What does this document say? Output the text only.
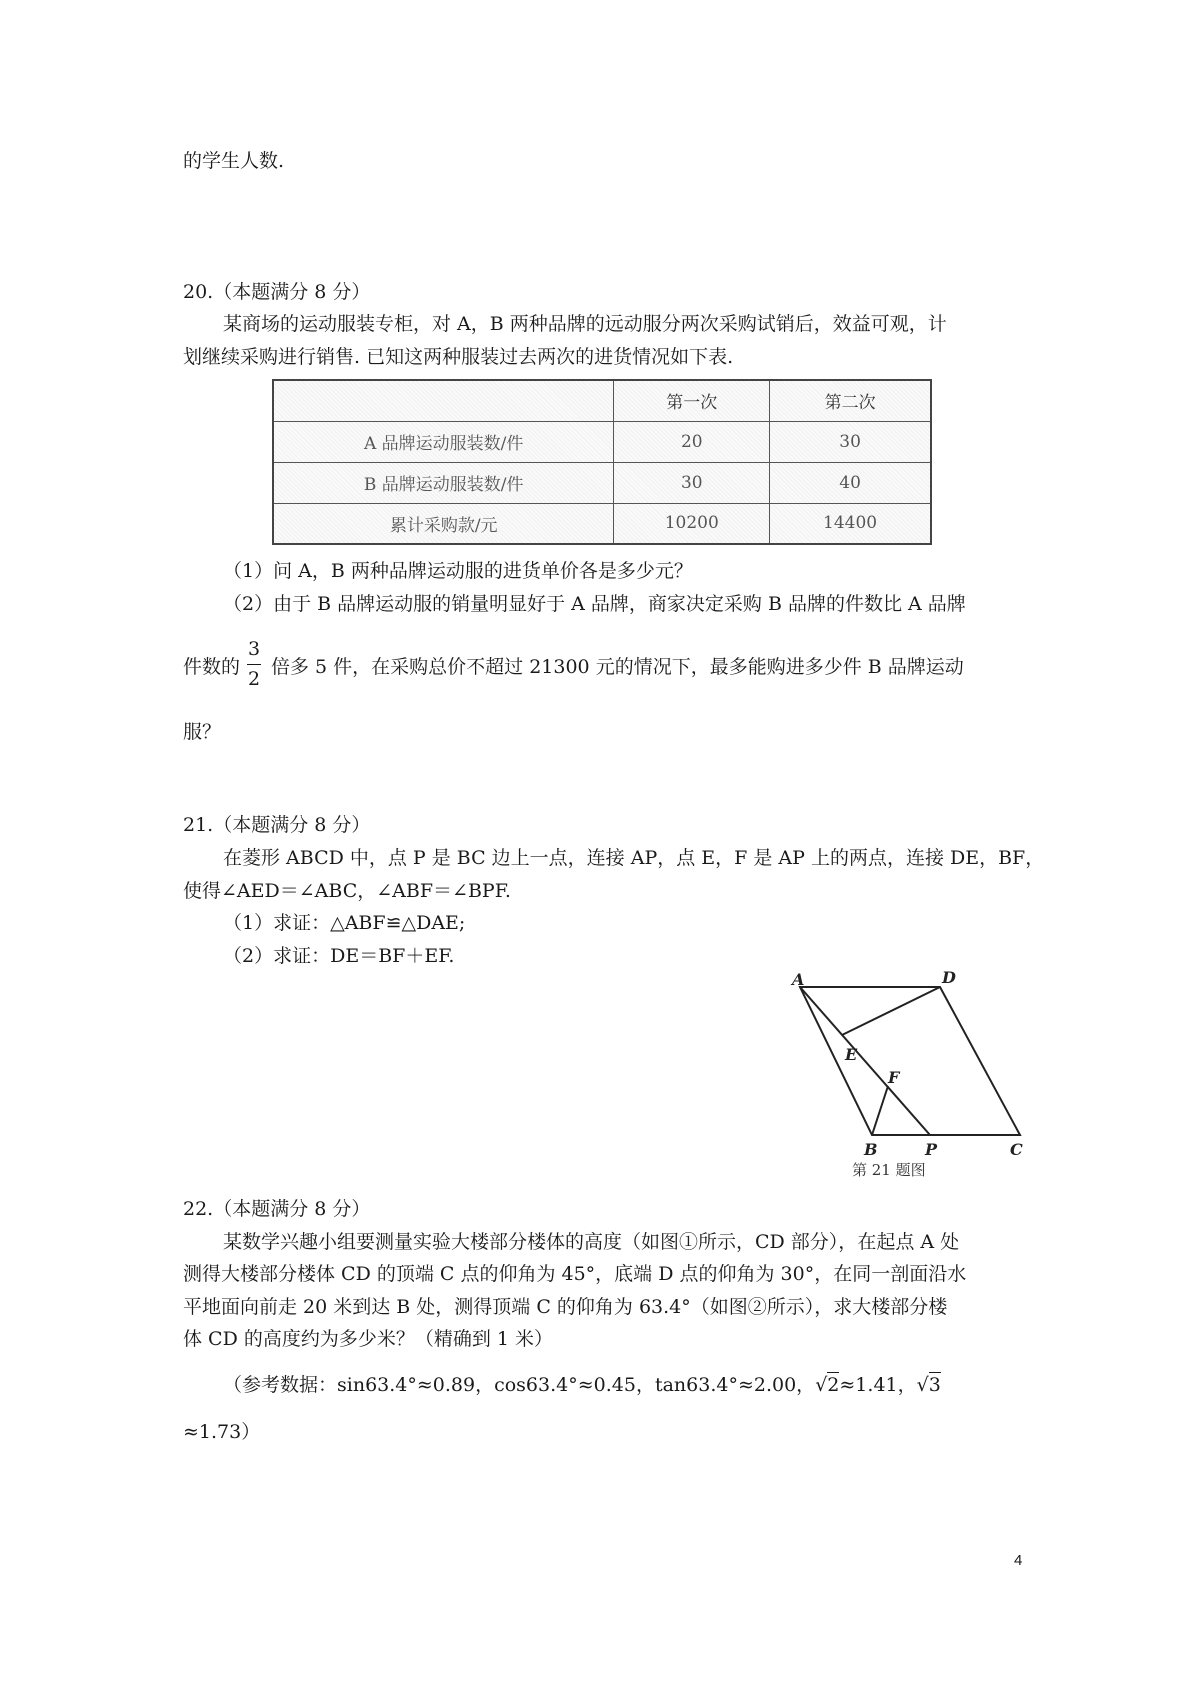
的学生人数.
20.（本题满分 8 分）
某商场的运动服装专柜，对 A，B 两种品牌的远动服分两次采购试销后，效益可观，计
划继续采购进行销售. 已知这两种服装过去两次的进货情况如下表.
	第一次	第二次
A 品牌运动服装数/件	20	30
B 品牌运动服装数/件	30	40
累计采购款/元	10200	14400
（1）问 A，B 两种品牌运动服的进货单价各是多少元？
（2）由于 B 品牌运动服的销量明显好于 A 品牌，商家决定采购 B 品牌的件数比 A 品牌
件数的
3
2
倍多 5 件，在采购总价不超过 21300 元的情况下，最多能购进多少件 B 品牌运动
服？
21.（本题满分 8 分）
在菱形 ABCD 中，点 P 是 BC 边上一点，连接 AP，点 E，F 是 AP 上的两点，连接 DE，BF，
使得∠AED＝∠ABC，∠ABF＝∠BPF.
（1）求证：△ABF≌△DAE;
（2）求证：DE＝BF＋EF.
A	D
E
F
B	P	C
第 21 题图
22.（本题满分 8 分）
某数学兴趣小组要测量实验大楼部分楼体的高度（如图①所示，CD 部分），在起点 A 处
测得大楼部分楼体 CD 的顶端 C 点的仰角为 45°，底端 D 点的仰角为 30°，在同一剖面沿水
平地面向前走 20 米到达 B 处，测得顶端 C 的仰角为 63.4°（如图②所示），求大楼部分楼
体 CD 的高度约为多少米？（精确到 1 米）
（参考数据：sin63.4°≈0.89，cos63.4°≈0.45，tan63.4°≈2.00，√2≈1.41，√3
≈1.73）
4
